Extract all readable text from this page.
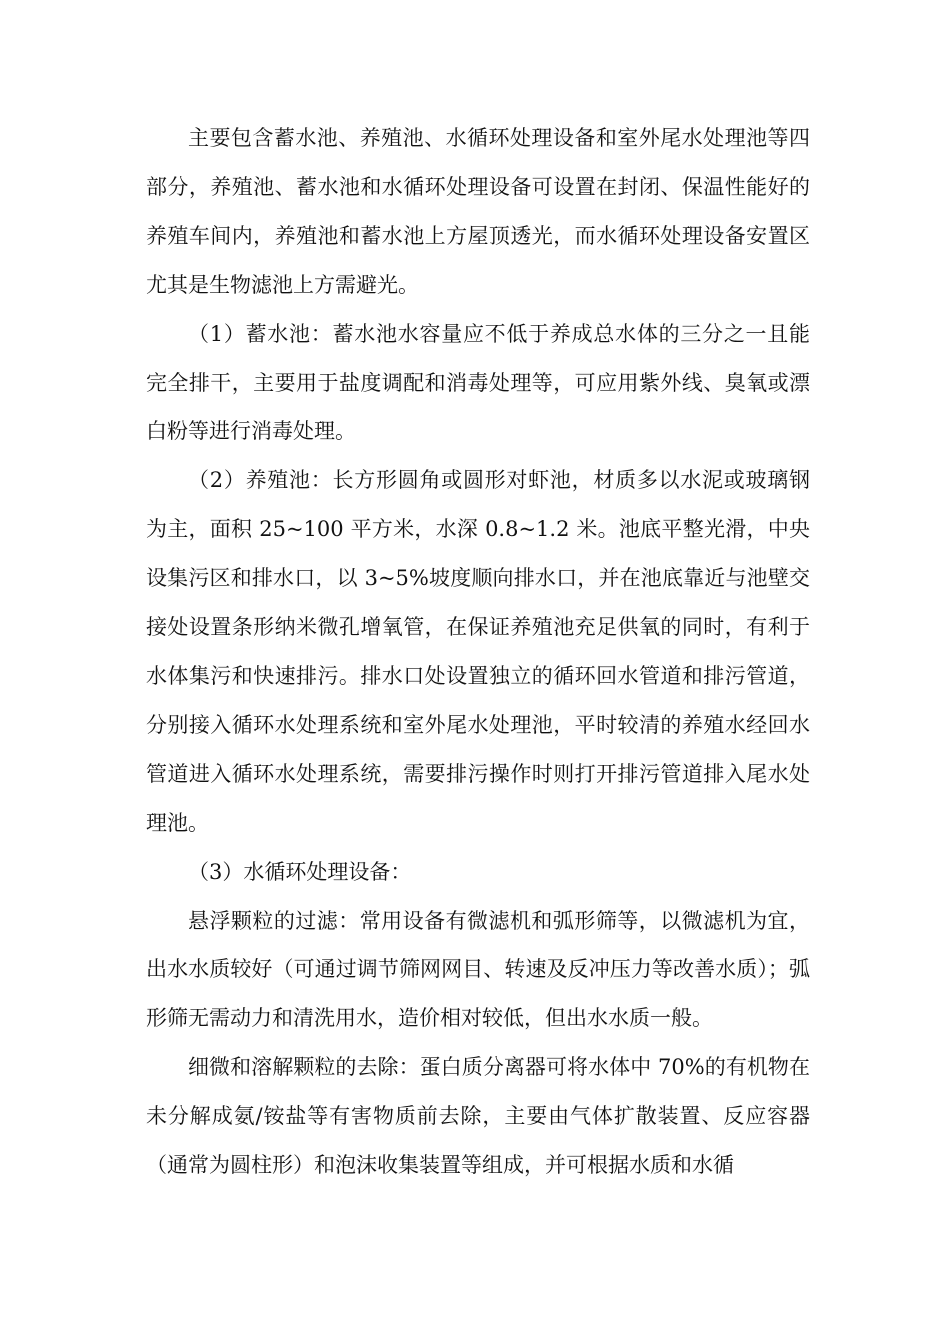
主要包含蓄水池、养殖池、水循环处理设备和室外尾水处理池等四部分，养殖池、蓄水池和水循环处理设备可设置在封闭、保温性能好的养殖车间内，养殖池和蓄水池上方屋顶透光，而水循环处理设备安置区尤其是生物滤池上方需避光。

（1）蓄水池：蓄水池水容量应不低于养成总水体的三分之一且能完全排干，主要用于盐度调配和消毒处理等，可应用紫外线、臭氧或漂白粉等进行消毒处理。

（2）养殖池：长方形圆角或圆形对虾池，材质多以水泥或玻璃钢为主，面积 25~100 平方米，水深 0.8~1.2 米。池底平整光滑，中央设集污区和排水口，以 3~5%坡度顺向排水口，并在池底靠近与池壁交接处设置条形纳米微孔增氧管，在保证养殖池充足供氧的同时，有利于水体集污和快速排污。排水口处设置独立的循环回水管道和排污管道，分别接入循环水处理系统和室外尾水处理池，平时较清的养殖水经回水管道进入循环水处理系统，需要排污操作时则打开排污管道排入尾水处理池。

（3）水循环处理设备：

悬浮颗粒的过滤：常用设备有微滤机和弧形筛等，以微滤机为宜，出水水质较好（可通过调节筛网网目、转速及反冲压力等改善水质）；弧形筛无需动力和清洗用水，造价相对较低，但出水水质一般。

细微和溶解颗粒的去除：蛋白质分离器可将水体中 70%的有机物在未分解成氨/铵盐等有害物质前去除，主要由气体扩散装置、反应容器（通常为圆柱形）和泡沫收集装置等组成，并可根据水质和水循
